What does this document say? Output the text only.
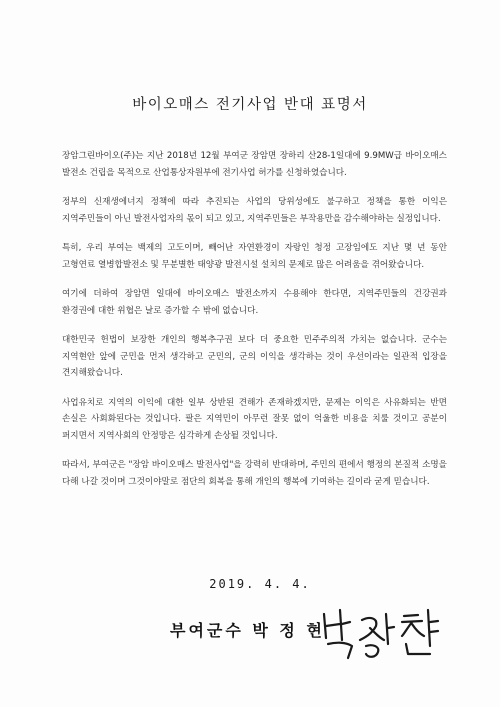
바이오매스 전기사업 반대 표명서

장암그린바이오(주)는 지난 2018년 12월 부여군 장암면 장하리 산28-1일대에 9.9MW급 바이오매스 발전소 건립을 목적으로 산업통상자원부에 전기사업 허가를 신청하였습니다.

정부의 신재생에너지 정책에 따라 추진되는 사업의 당위성에도 불구하고 정책을 통한 이익은 지역주민들이 아닌 발전사업자의 몫이 되고 있고, 지역주민들은 부작용만을 감수해야하는 실정입니다.

특히, 우리 부여는 백제의 고도이며, 빼어난 자연환경이 자랑인 청정 고장임에도 지난 몇 년 동안 고형연료 열병합발전소 및 무분별한 태양광 발전시설 설치의 문제로 많은 어려움을 겪어왔습니다.

여기에 더하여 장암면 일대에 바이오매스 발전소까지 수용해야 한다면, 지역주민들의 건강권과 환경권에 대한 위협은 날로 증가할 수 밖에 없습니다.

대한민국 헌법이 보장한 개인의 행복추구권 보다 더 중요한 민주주의적 가치는 없습니다. 군수는 지역현안 앞에 군민을 먼저 생각하고 군민의, 군의 이익을 생각하는 것이 우선이라는 일관적 입장을 견지해왔습니다.

사업유치로 지역의 이익에 대한 일부 상반된 견해가 존재하겠지만, 문제는 이익은 사유화되는 반면 손실은 사회화된다는 것입니다. 팔은 지역민이 아무런 잘못 없이 억울한 비용을 치룰 것이고 공분이 퍼지면서 지역사회의 안정망은 심각하게 손상될 것입니다.

따라서, 부여군은 "장암 바이오매스 발전사업"을 강력히 반대하며, 주민의 편에서 행정의 본질적 소명을 다해 나갈 것이며 그것이야말로 점단의 회복을 통해 개인의 행복에 기여하는 길이라 굳게 믿습니다.

2019. 4. 4.
부여군수 박 정 현
